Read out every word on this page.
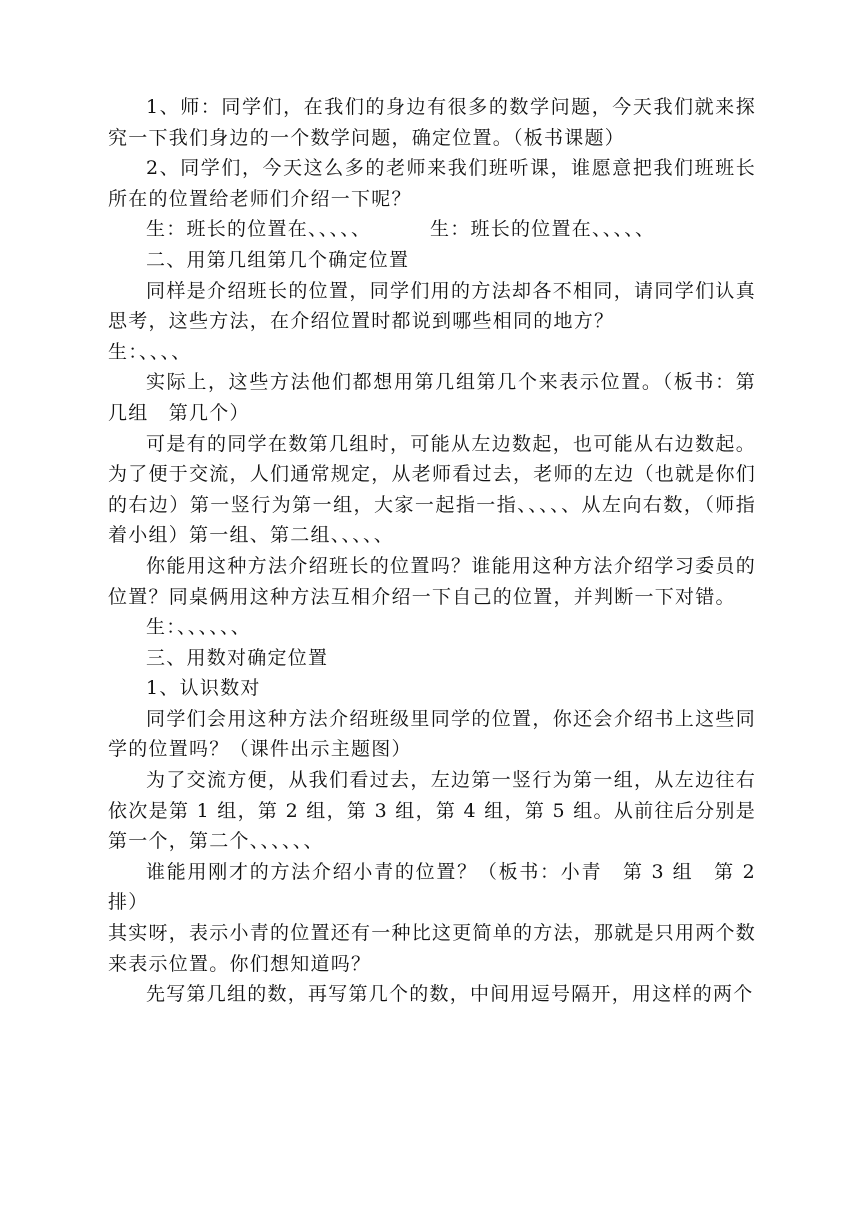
1、师：同学们，在我们的身边有很多的数学问题，今天我们就来探究一下我们身边的一个数学问题，确定位置。（板书课题）

2、同学们，今天这么多的老师来我们班听课，谁愿意把我们班班长所在的位置给老师们介绍一下呢？

生：班长的位置在、、、、、	生：班长的位置在、、、、、

二、用第几组第几个确定位置

同样是介绍班长的位置，同学们用的方法却各不相同，请同学们认真思考，这些方法，在介绍位置时都说到哪些相同的地方？

生：、、、、

实际上，这些方法他们都想用第几组第几个来表示位置。（板书：第几组　第几个）

可是有的同学在数第几组时，可能从左边数起，也可能从右边数起。为了便于交流，人们通常规定，从老师看过去，老师的左边（也就是你们的右边）第一竖行为第一组，大家一起指一指、、、、、从左向右数，（师指着小组）第一组、第二组、、、、、

你能用这种方法介绍班长的位置吗？谁能用这种方法介绍学习委员的位置？同桌俩用这种方法互相介绍一下自己的位置，并判断一下对错。

生：、、、、、、

三、用数对确定位置

1、认识数对

同学们会用这种方法介绍班级里同学的位置，你还会介绍书上这些同学的位置吗？（课件出示主题图）

为了交流方便，从我们看过去，左边第一竖行为第一组，从左边往右依次是第 1 组，第 2 组，第 3 组，第 4 组，第 5 组。从前往后分别是第一个，第二个、、、、、、

谁能用刚才的方法介绍小青的位置？（板书：小青　第 3 组　第 2 排）

其实呀，表示小青的位置还有一种比这更简单的方法，那就是只用两个数来表示位置。你们想知道吗？

先写第几组的数，再写第几个的数，中间用逗号隔开，用这样的两个
